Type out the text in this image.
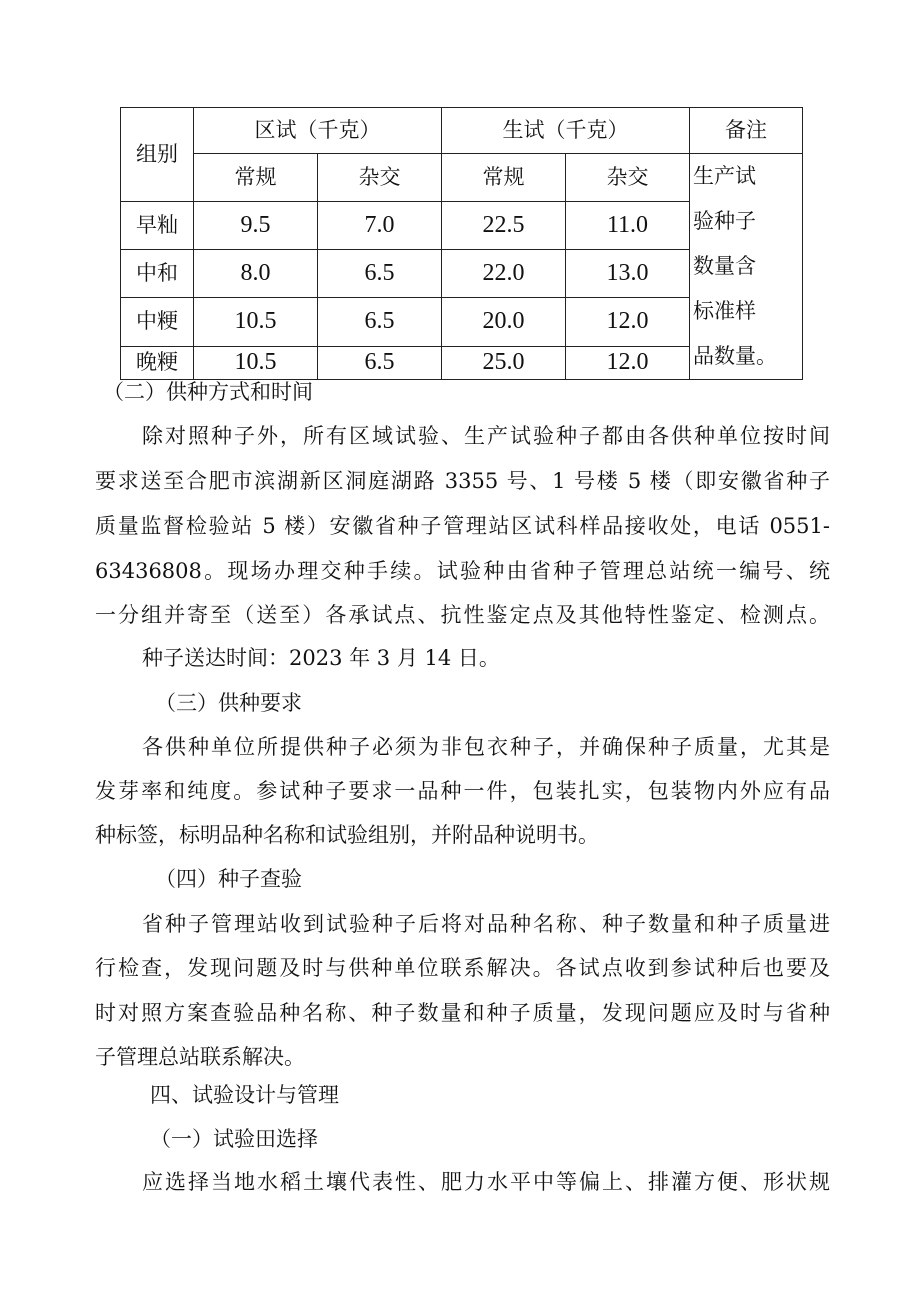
组别	区试（千克）		生试（千克）		备注
	常规	杂交	常规	杂交	生产试
验种子
数量含
标准样
品数量。

早籼	9.5	7.0	22.5	11.0	
中和	8.0	6.5	22.0	13.0	
中粳	10.5	6.5	20.0	12.0	
晚粳	10.5	6.5	25.0	12.0	
（二）供种方式和时间
除对照种子外，所有区域试验、生产试验种子都由各供种单位按时间
要求送至合肥市滨湖新区洞庭湖路 3355 号、1 号楼 5 楼（即安徽省种子
质量监督检验站 5 楼）安徽省种子管理站区试科样品接收处，电话 0551-
63436808。现场办理交种手续。试验种由省种子管理总站统一编号、统
一分组并寄至（送至）各承试点、抗性鉴定点及其他特性鉴定、检测点。
种子送达时间：2023 年 3 月 14 日。
（三）供种要求
各供种单位所提供种子必须为非包衣种子，并确保种子质量，尤其是
发芽率和纯度。参试种子要求一品种一件，包装扎实，包装物内外应有品
种标签，标明品种名称和试验组别，并附品种说明书。
（四）种子查验
省种子管理站收到试验种子后将对品种名称、种子数量和种子质量进
行检查，发现问题及时与供种单位联系解决。各试点收到参试种后也要及
时对照方案查验品种名称、种子数量和种子质量，发现问题应及时与省种
子管理总站联系解决。
四、试验设计与管理
（一）试验田选择
应选择当地水稻土壤代表性、肥力水平中等偏上、排灌方便、形状规
